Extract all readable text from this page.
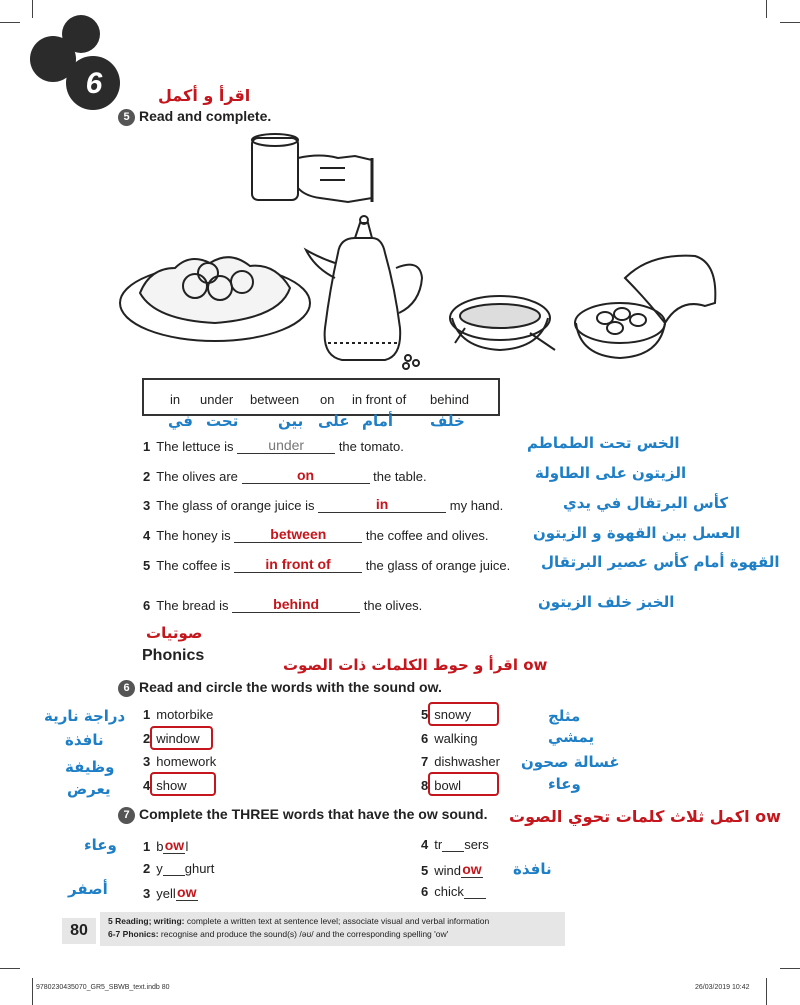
6	اقرأ و أكمل
5 Read and complete.
in under between on in front of behind
في تحت	بين على أمام خلف
1 The lettuce is under	the tomato.	الخس تحت الطماطم
2 The olives are	on	the table.	الزيتون على الطاولة
3 The glass of orange juice is	in	my hand.	كأس البرتقال في يدي
4 The honey is	between	the coffee and olives.	العسل بين القهوة و الزيتون
5 The coffee is in front of	the glass of orange juice. القهوة أمام كأس عصير البرتقال
6 The bread is	behind	the olives.	الخبز خلف الزيتون
صوتيات
Phonics
اقرأ و حوط الكلمات ذات الصوت ow
6 Read and circle the words with the sound ow.
1 motorbike
2 window
3 homework
4 show
5 snowy
6 walking
7 dishwasher
8 bowl
دراجة نارية
نافذة
وظيفة
يعرض
مثلج
يمشي
غسالة صحون
وعاء
7 Complete the THREE words that have the ow sound. اكمل ثلاث كلمات تحوي الصوت ow
1 bowl
2 y ghurt
3 yellow
4 tr sers
5 window
6 chick
وعاء
أصفر
نافذة
80
5 Reading; writing: complete a written text at sentence level; associate visual and verbal information
6-7 Phonics: recognise and produce the sound(s) /əʊ/ and the corresponding spelling 'ow'
9780230435070_GR5_SBWB_text.indb 80	26/03/2019 10:42
